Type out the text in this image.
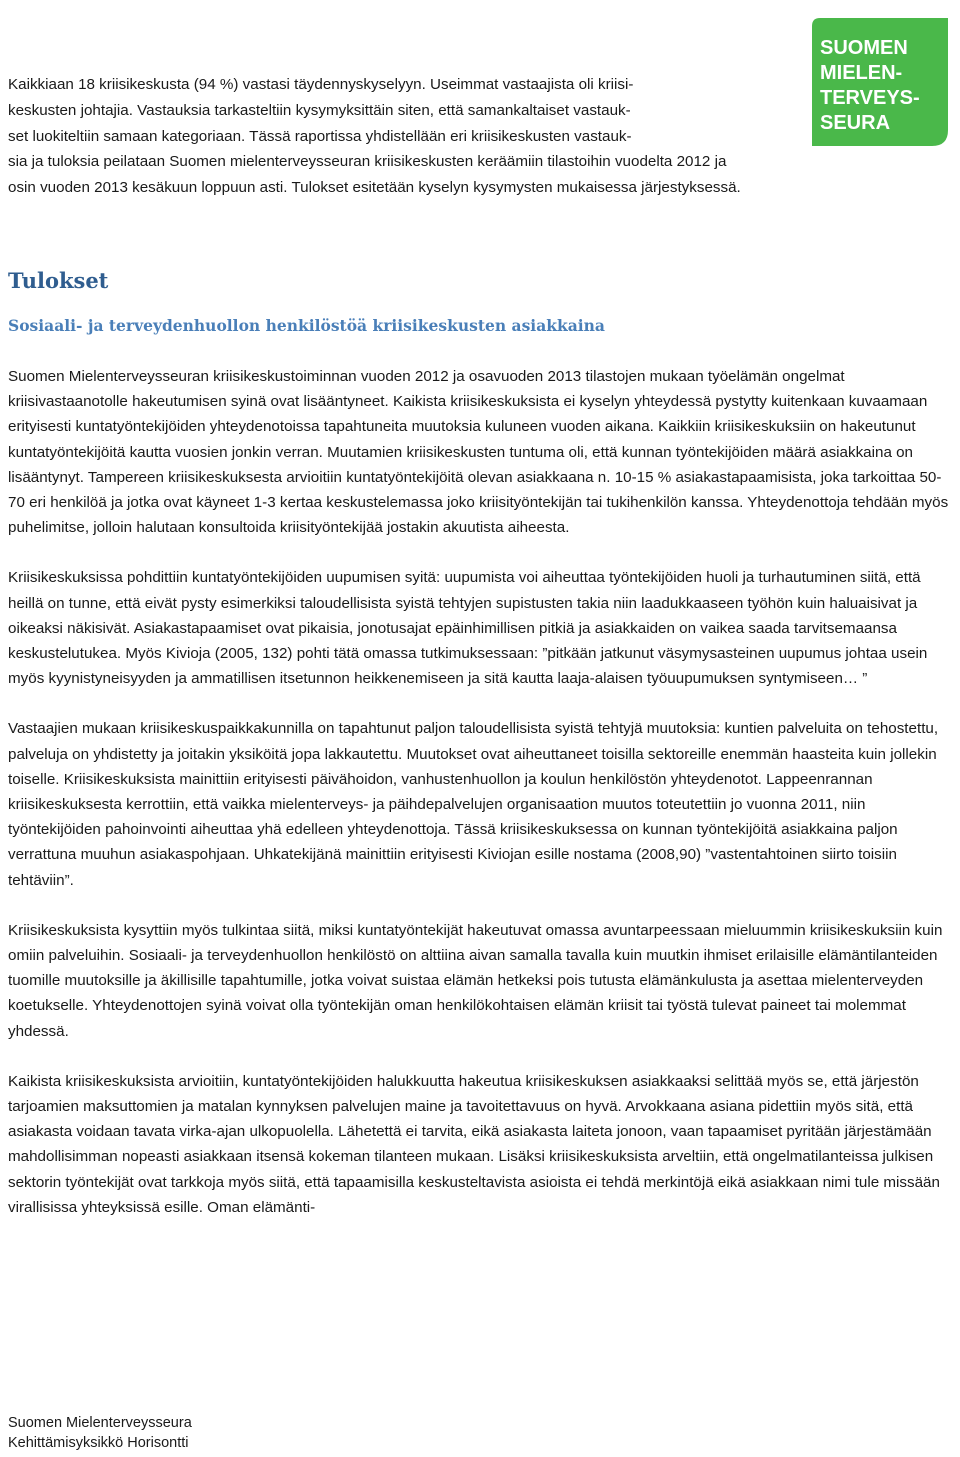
SUOMEN
MIELEN-
TERVEYS-
SEURA

Kaikkiaan 18 kriisikeskusta (94 %) vastasi täydennyskyselyyn. Useimmat vastaajista oli kriisi-

keskusten johtajia. Vastauksia tarkasteltiin kysymyksittäin siten, että samankaltaiset vastauk-

set luokiteltiin samaan kategoriaan. Tässä raportissa yhdistellään eri kriisikeskusten vastauk-

sia ja tuloksia peilataan Suomen mielenterveysseuran kriisikeskusten keräämiin tilastoihin vuodelta 2012 ja

osin vuoden 2013 kesäkuun loppuun asti. Tulokset esitetään kyselyn kysymysten mukaisessa järjestyksessä.

Tulokset
Sosiaali- ja terveydenhuollon henkilöstöä kriisikeskusten asiakkaina

Suomen Mielenterveysseuran kriisikeskustoiminnan vuoden 2012 ja osavuoden 2013 tilastojen mukaan työelämän ongelmat kriisivastaanotolle hakeutumisen syinä ovat lisääntyneet. Kaikista kriisikeskuksista ei kyselyn yhteydessä pystytty kuitenkaan kuvaamaan erityisesti kuntatyöntekijöiden yhteydenotoissa tapahtuneita muutoksia kuluneen vuoden aikana. Kaikkiin kriisikeskuksiin on hakeutunut kuntatyöntekijöitä kautta vuosien jonkin verran. Muutamien kriisikeskusten tuntuma oli, että kunnan työntekijöiden määrä asiakkaina on lisääntynyt. Tampereen kriisikeskuksesta arvioitiin kuntatyöntekijöitä olevan asiakkaana n. 10-15 % asiakastapaamisista, joka tarkoittaa 50-70 eri henkilöä ja jotka ovat käyneet 1-3 kertaa keskustelemassa joko kriisityöntekijän tai tukihenkilön kanssa. Yhteydenottoja tehdään myös puhelimitse, jolloin halutaan konsultoida kriisityöntekijää jostakin akuutista aiheesta.

Kriisikeskuksissa pohdittiin kuntatyöntekijöiden uupumisen syitä: uupumista voi aiheuttaa työntekijöiden huoli ja turhautuminen siitä, että heillä on tunne, että eivät pysty esimerkiksi taloudellisista syistä tehtyjen supistusten takia niin laadukkaaseen työhön kuin haluaisivat ja oikeaksi näkisivät. Asiakastapaamiset ovat pikaisia, jonotusajat epäinhimillisen pitkiä ja asiakkaiden on vaikea saada tarvitsemaansa keskustelutukea. Myös Kivioja (2005, 132) pohti tätä omassa tutkimuksessaan: ”pitkään jatkunut väsymysasteinen uupumus johtaa usein myös kyynistyneisyyden ja ammatillisen itsetunnon heikkenemiseen ja sitä kautta laaja-alaisen työuupumuksen syntymiseen… ”

Vastaajien mukaan kriisikeskuspaikkakunnilla on tapahtunut paljon taloudellisista syistä tehtyjä muutoksia: kuntien palveluita on tehostettu, palveluja on yhdistetty ja joitakin yksiköitä jopa lakkautettu. Muutokset ovat aiheuttaneet toisilla sektoreille enemmän haasteita kuin jollekin toiselle. Kriisikeskuksista mainittiin erityisesti päivähoidon, vanhustenhuollon ja koulun henkilöstön yhteydenotot. Lappeenrannan kriisikeskuksesta kerrottiin, että vaikka mielenterveys- ja päihdepalvelujen organisaation muutos toteutettiin jo vuonna 2011, niin työntekijöiden pahoinvointi aiheuttaa yhä edelleen yhteydenottoja. Tässä kriisikeskuksessa on kunnan työntekijöitä asiakkaina paljon verrattuna muuhun asiakaspohjaan. Uhkatekijänä mainittiin erityisesti Kiviojan esille nostama (2008,90) ”vastentahtoinen siirto toisiin tehtäviin”.

Kriisikeskuksista kysyttiin myös tulkintaa siitä, miksi kuntatyöntekijät hakeutuvat omassa avuntarpeessaan mieluummin kriisikeskuksiin kuin omiin palveluihin. Sosiaali- ja terveydenhuollon henkilöstö on alttiina aivan samalla tavalla kuin muutkin ihmiset erilaisille elämäntilanteiden tuomille muutoksille ja äkillisille tapahtumille, jotka voivat suistaa elämän hetkeksi pois tutusta elämänkulusta ja asettaa mielenterveyden koetukselle. Yhteydenottojen syinä voivat olla työntekijän oman henkilökohtaisen elämän kriisit tai työstä tulevat paineet tai molemmat yhdessä.

Kaikista kriisikeskuksista arvioitiin, kuntatyöntekijöiden halukkuutta hakeutua kriisikeskuksen asiakkaaksi selittää myös se, että järjestön tarjoamien maksuttomien ja matalan kynnyksen palvelujen maine ja tavoitettavuus on hyvä. Arvokkaana asiana pidettiin myös sitä, että asiakasta voidaan tavata virka-ajan ulkopuolella. Lähetettä ei tarvita, eikä asiakasta laiteta jonoon, vaan tapaamiset pyritään järjestämään mahdollisimman nopeasti asiakkaan itsensä kokeman tilanteen mukaan. Lisäksi kriisikeskuksista arveltiin, että ongelmatilanteissa julkisen sektorin työntekijät ovat tarkkoja myös siitä, että tapaamisilla keskusteltavista asioista ei tehdä merkintöjä eikä asiakkaan nimi tule missään virallisissa yhteyksissä esille. Oman elämänti-

Suomen Mielenterveysseura
Kehittämisyksikkö Horisontti
